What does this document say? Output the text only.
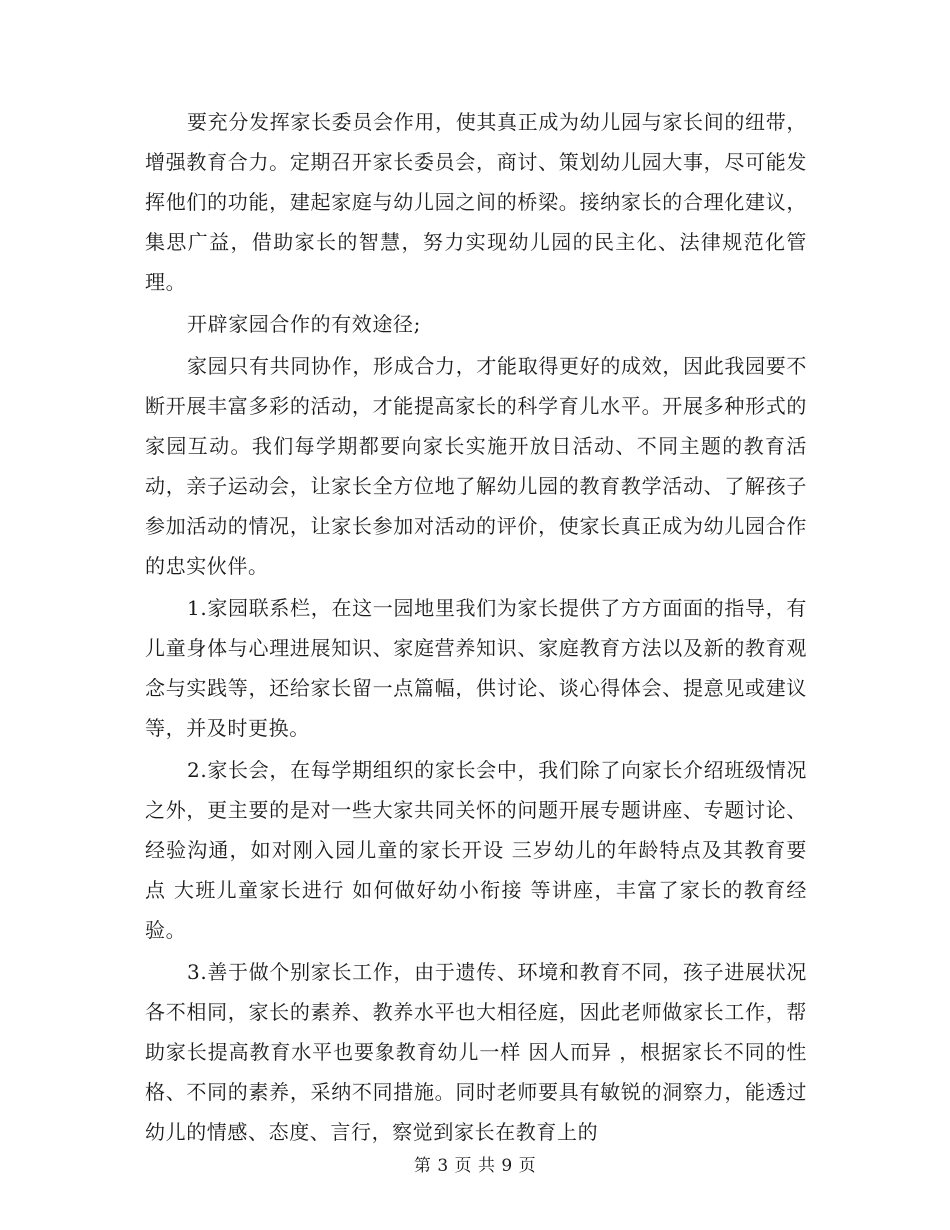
要充分发挥家长委员会作用，使其真正成为幼儿园与家长间的纽带，增强教育合力。定期召开家长委员会，商讨、策划幼儿园大事，尽可能发挥他们的功能，建起家庭与幼儿园之间的桥梁。接纳家长的合理化建议，集思广益，借助家长的智慧，努力实现幼儿园的民主化、法律规范化管理。

开辟家园合作的有效途径;

家园只有共同协作，形成合力，才能取得更好的成效，因此我园要不断开展丰富多彩的活动，才能提高家长的科学育儿水平。开展多种形式的家园互动。我们每学期都要向家长实施开放日活动、不同主题的教育活动，亲子运动会，让家长全方位地了解幼儿园的教育教学活动、了解孩子参加活动的情况，让家长参加对活动的评价，使家长真正成为幼儿园合作的忠实伙伴。

1.家园联系栏，在这一园地里我们为家长提供了方方面面的指导，有儿童身体与心理进展知识、家庭营养知识、家庭教育方法以及新的教育观念与实践等，还给家长留一点篇幅，供讨论、谈心得体会、提意见或建议等，并及时更换。

2.家长会，在每学期组织的家长会中，我们除了向家长介绍班级情况之外，更主要的是对一些大家共同关怀的问题开展专题讲座、专题讨论、经验沟通，如对刚入园儿童的家长开设 三岁幼儿的年龄特点及其教育要点 大班儿童家长进行 如何做好幼小衔接 等讲座，丰富了家长的教育经验。

3.善于做个别家长工作，由于遗传、环境和教育不同，孩子进展状况各不相同，家长的素养、教养水平也大相径庭，因此老师做家长工作，帮助家长提高教育水平也要象教育幼儿一样 因人而异 ，根据家长不同的性格、不同的素养，采纳不同措施。同时老师要具有敏锐的洞察力，能透过幼儿的情感、态度、言行，察觉到家长在教育上的

第 3 页 共 9 页
